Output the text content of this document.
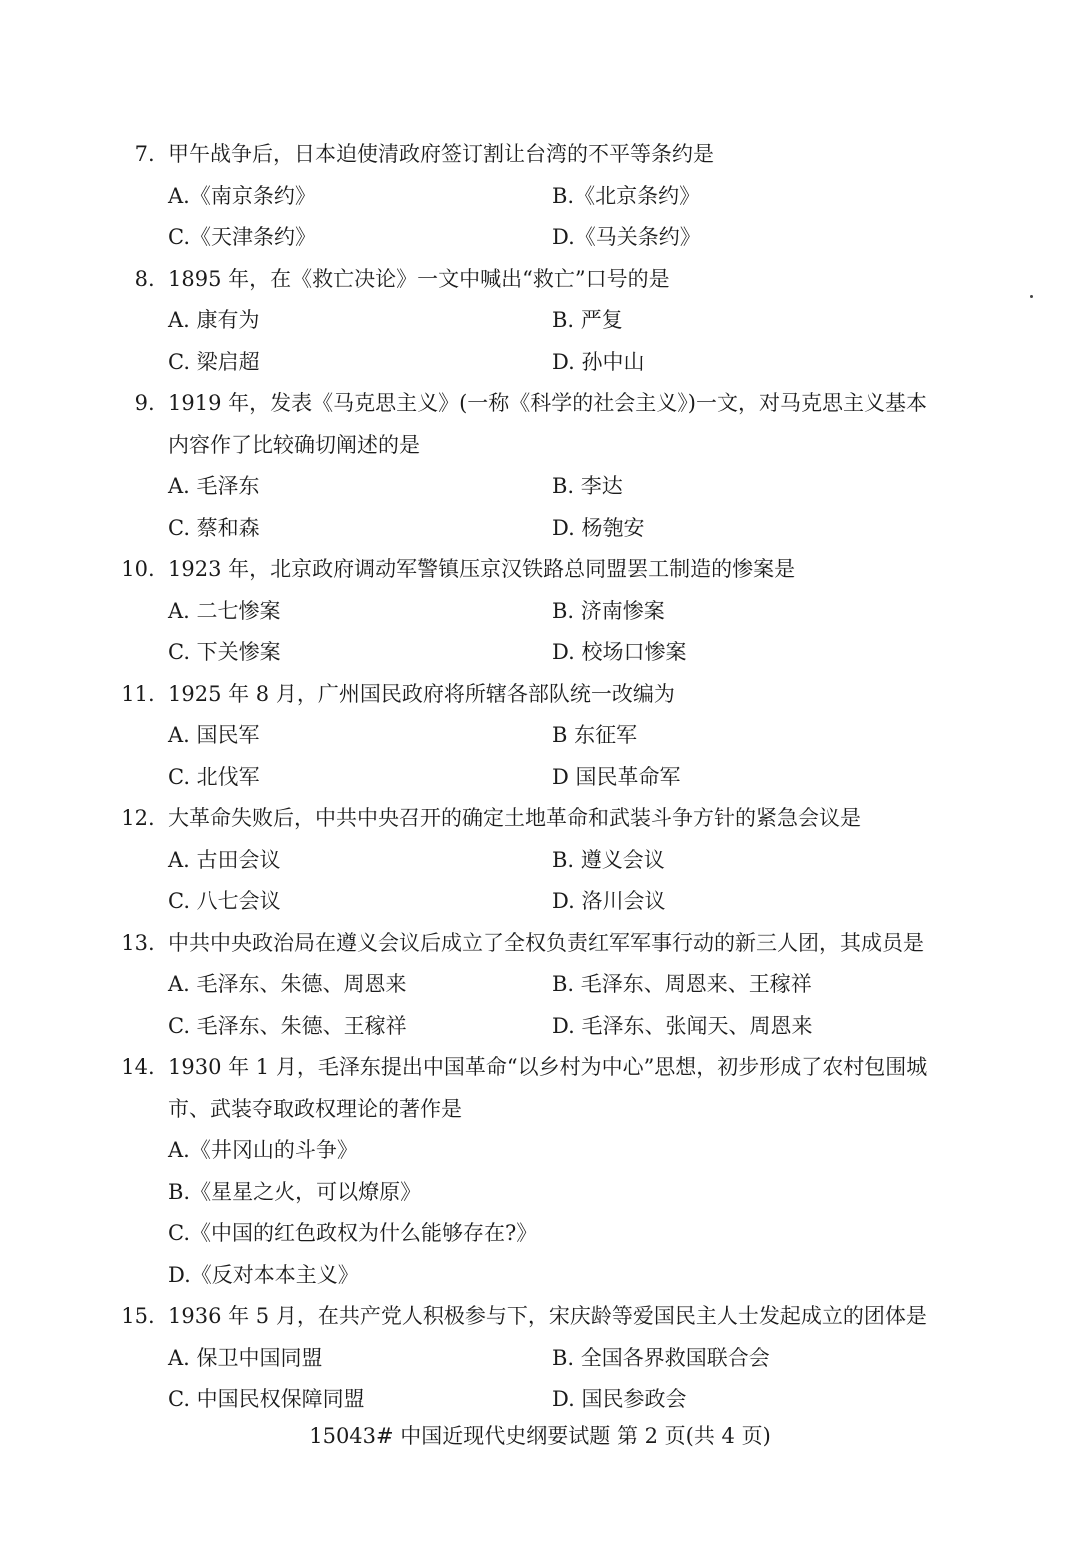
7. 甲午战争后，日本迫使清政府签订割让台湾的不平等条约是
A.《南京条约》	B.《北京条约》
C.《天津条约》	D.《马关条约》
8. 1895 年，在《救亡决论》一文中喊出“救亡”口号的是
A. 康有为	B. 严复
C. 梁启超	D. 孙中山
9. 1919 年，发表《马克思主义》(一称《科学的社会主义》)一文，对马克思主义基本
内容作了比较确切阐述的是
A. 毛泽东	B. 李达
C. 蔡和森	D. 杨匏安
10. 1923 年，北京政府调动军警镇压京汉铁路总同盟罢工制造的惨案是
A. 二七惨案	B. 济南惨案
C. 下关惨案	D. 校场口惨案
11. 1925 年 8 月，广州国民政府将所辖各部队统一改编为
A. 国民军	B 东征军
C. 北伐军	D 国民革命军
12. 大革命失败后，中共中央召开的确定土地革命和武装斗争方针的紧急会议是
A. 古田会议	B. 遵义会议
C. 八七会议	D. 洛川会议
13. 中共中央政治局在遵义会议后成立了全权负责红军军事行动的新三人团，其成员是
A. 毛泽东、朱德、周恩来	B. 毛泽东、周恩来、王稼祥
C. 毛泽东、朱德、王稼祥	D. 毛泽东、张闻天、周恩来
14. 1930 年 1 月，毛泽东提出中国革命“以乡村为中心”思想，初步形成了农村包围城
市、武装夺取政权理论的著作是
A.《井冈山的斗争》
B.《星星之火，可以燎原》
C.《中国的红色政权为什么能够存在?》
D.《反对本本主义》
15. 1936 年 5 月，在共产党人积极参与下，宋庆龄等爱国民主人士发起成立的团体是
A. 保卫中国同盟	B. 全国各界救国联合会
C. 中国民权保障同盟	D. 国民参政会
15043# 中国近现代史纲要试题 第 2 页(共 4 页)
